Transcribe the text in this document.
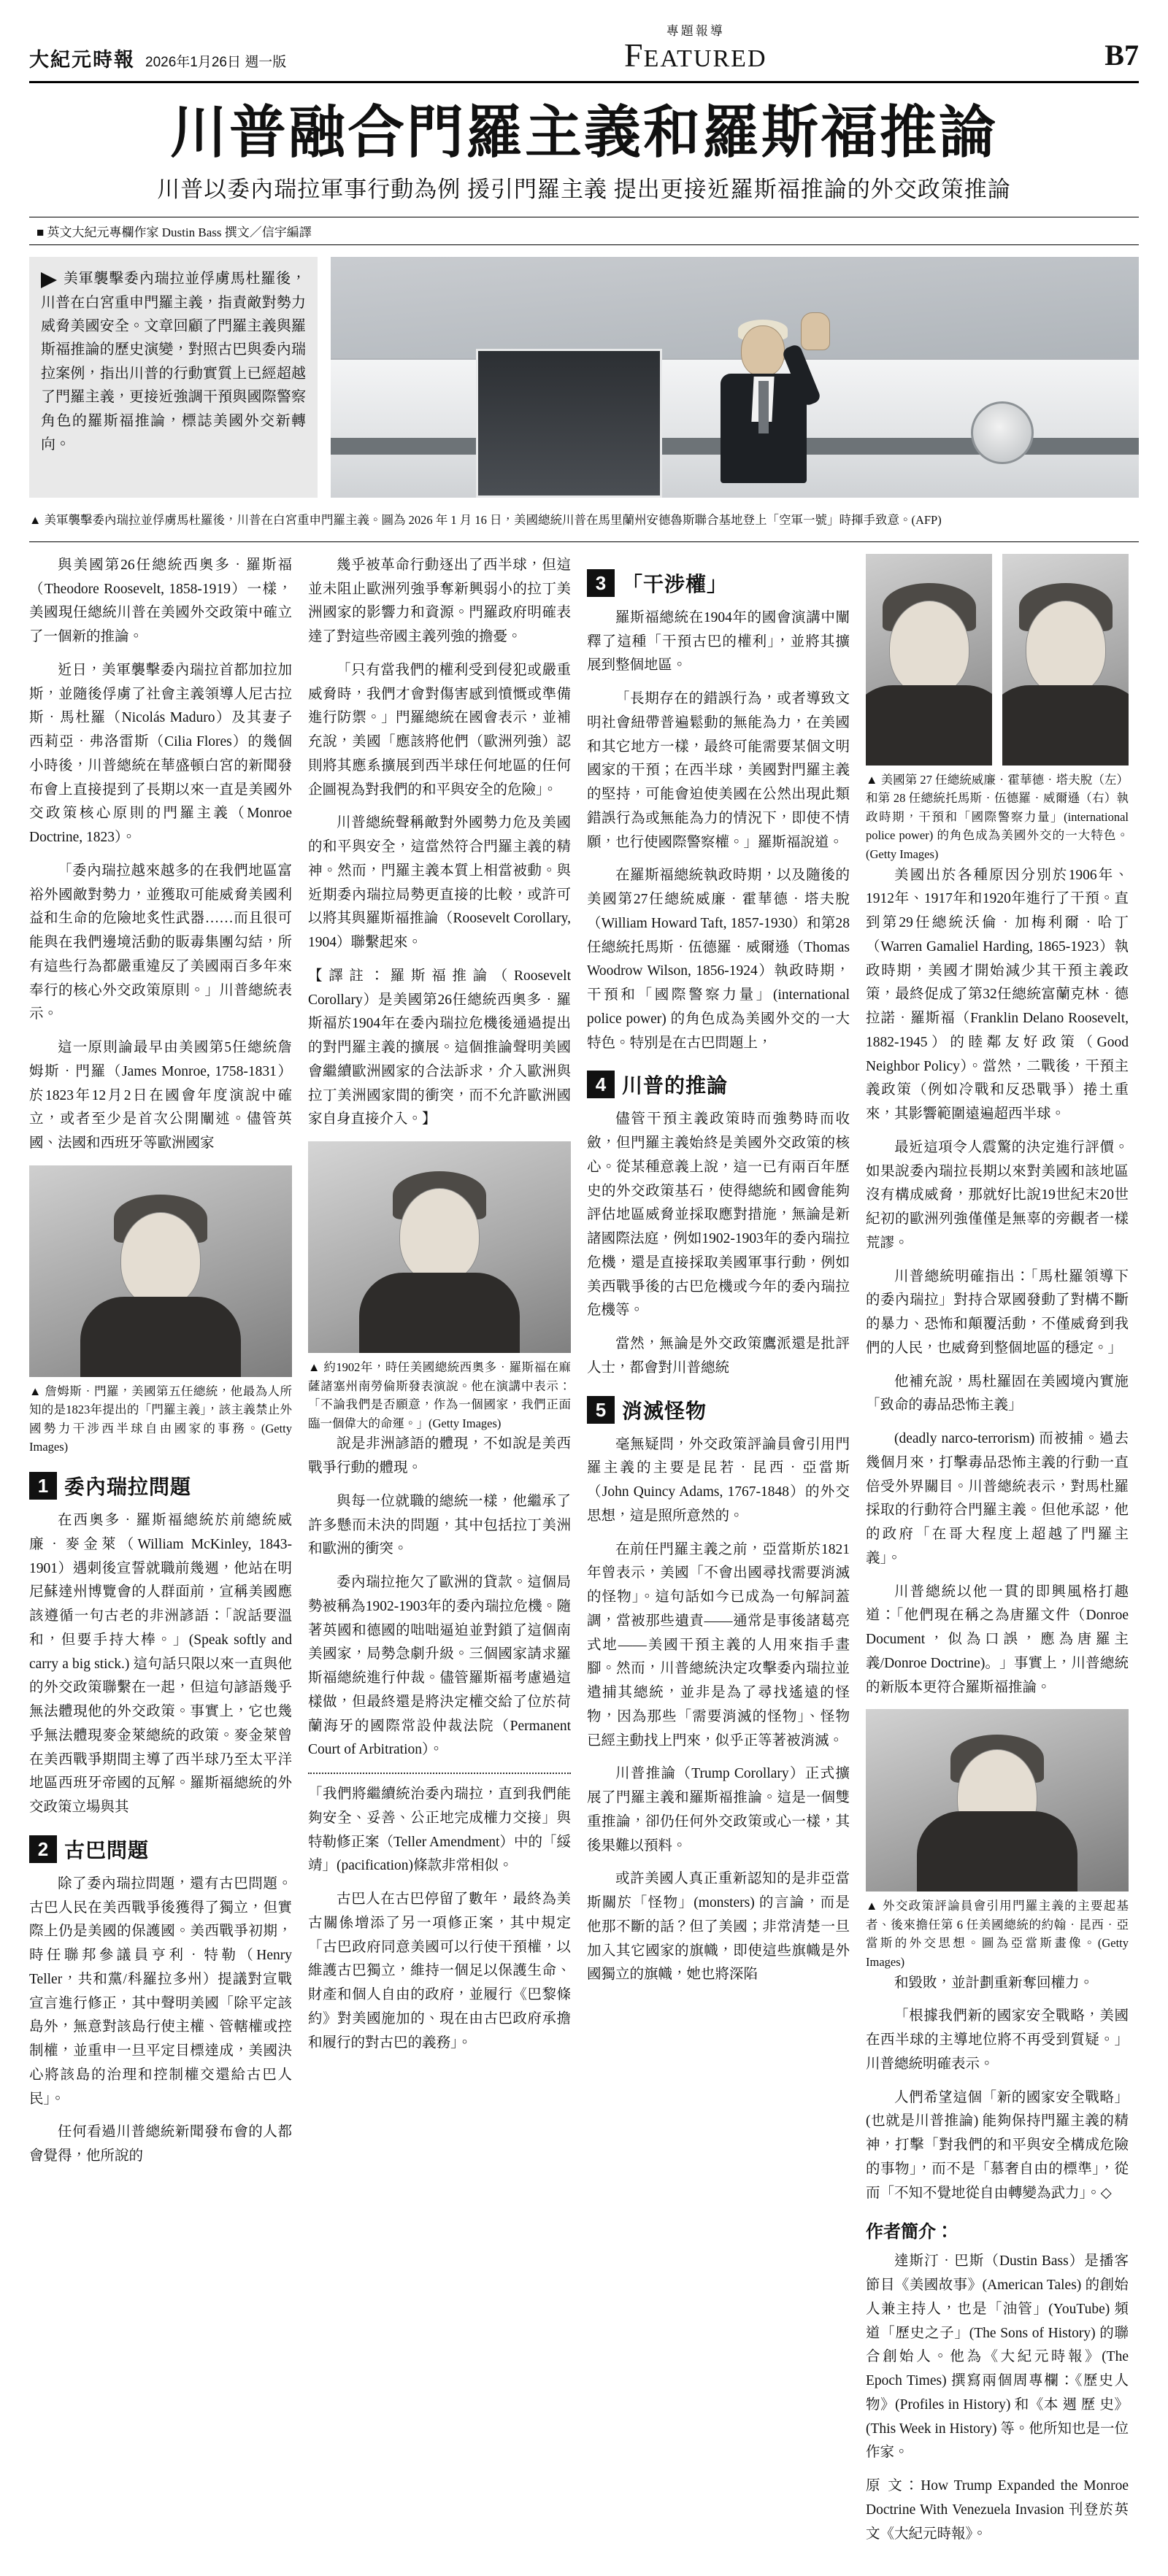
大紀元時報 2026年1月26日 週一版
專題報導
F EATURED	B7
川普融合門羅主義和羅斯福推論
川普以委內瑞拉軍事行動為例 援引門羅主義 提出更接近羅斯福推論的外交政策推論
■ 英文大紀元專欄作家 Dustin Bass 撰文／信宇編譯
美軍襲擊委內瑞拉並俘虜馬杜羅後，川普在白宮重申門羅主義，指責敵對勢力威脅美國安全。文章回顧了門羅主義與羅斯福推論的歷史演變，對照古巴與委內瑞拉案例，指出川普的行動實質上已經超越了門羅主義，更接近強調干預與國際警察角色的羅斯福推論，標誌美國外交新轉向。
▲ 美軍襲擊委內瑞拉並俘虜馬杜羅後，川普在白宮重申門羅主義。圖為 2026 年 1 月 16 日，美國總統川普在馬里蘭州安德魯斯聯合基地登上「空軍一號」時揮手致意。(AFP)

與美國第26任總統西奧多‧羅斯福（Theodore Roosevelt, 1858-1919）一樣，美國現任總統川普在美國外交政策中確立了一個新的推論。

近日，美軍襲擊委內瑞拉首都加拉加斯，並隨後俘虜了社會主義領導人尼古拉斯‧馬杜羅（Nicolás Maduro）及其妻子西莉亞‧弗洛雷斯（Cilia Flores）的幾個小時後，川普總統在華盛頓白宮的新聞發布會上直接提到了長期以來一直是美國外交政策核心原則的門羅主義（Monroe Doctrine, 1823）。

「委內瑞拉越來越多的在我們地區富裕外國敵對勢力，並獲取可能威脅美國利益和生命的危險地炙性武器……而且很可能與在我們邊境活動的販毒集團勾結，所有這些行為都嚴重違反了美國兩百多年來奉行的核心外交政策原則。」川普總統表示。

這一原則論最早由美國第5任總統詹姆斯‧門羅（James Monroe, 1758-1831）於1823年12月2日在國會年度演說中確立，或者至少是首次公開闡述。儘管英國、法國和西班牙等歐洲國家

▲ 詹姆斯‧門羅，美國第五任總統，他最為人所知的是1823年提出的「門羅主義」，該主義禁止外國勢力干涉西半球自由國家的事務。(Getty Images)
1 委內瑞拉問題

在西奧多‧羅斯福總統於前總統威廉‧麥金萊（William McKinley, 1843-1901）遇刺後宣誓就職前幾週，他站在明尼蘇達州博覽會的人群面前，宣稱美國應該遵循一句古老的非洲諺語：「說話要溫和，但要手持大棒。」(Speak softly and carry a big stick.) 這句話只限以來一直與他的外交政策聯繫在一起，但這句諺語幾乎無法體現他的外交政策。事實上，它也幾乎無法體現麥金萊總統的政策。麥金萊曾在美西戰爭期間主導了西半球乃至太平洋地區西班牙帝國的瓦解。羅斯福總統的外交政策立場與其

2 古巴問題

除了委內瑞拉問題，還有古巴問題。古巴人民在美西戰爭後獲得了獨立，但實際上仍是美國的保護國。美西戰爭初期，時任聯邦參議員亨利‧特勒（Henry Teller，共和黨/科羅拉多州）提議對宣戰宣言進行修正，其中聲明美國「除平定該島外，無意對該島行使主權、管轄權或控制權，並重申一旦平定目標達成，美國決心將該島的治理和控制權交還給古巴人民」。

任何看過川普總統新聞發布會的人都會覺得，他所說的

幾乎被革命行動逐出了西半球，但這並未阻止歐洲列強爭奪新興弱小的拉丁美洲國家的影響力和資源。門羅政府明確表達了對這些帝國主義列強的擔憂。

「只有當我們的權利受到侵犯或嚴重威脅時，我們才會對傷害感到憤慨或準備進行防禦。」門羅總統在國會表示，並補充說，美國「應該將他們（歐洲列強）認則將其應系擴展到西半球任何地區的任何企圖視為對我們的和平與安全的危險」。

川普總統聲稱敵對外國勢力危及美國的和平與安全，這當然符合門羅主義的精神。然而，門羅主義本質上相當被動。與近期委內瑞拉局勢更直接的比較，或許可以將其與羅斯福推論（Roosevelt Corollary, 1904）聯繫起來。

【譯註：羅斯福推論（Roosevelt Corollary）是美國第26任總統西奧多‧羅斯福於1904年在委內瑞拉危機後通過提出的對門羅主義的擴展。這個推論聲明美國會繼續歐洲國家的合法訴求，介入歐洲與拉丁美洲國家間的衝突，而不允許歐洲國家自身直接介入。】

▲ 約1902年，時任美國總統西奧多‧羅斯福在麻薩諸塞州南勞倫斯發表演說。他在演講中表示：「不論我們是否願意，作為一個國家，我們正面臨一個偉大的命運。」(Getty Images)

說是非洲諺語的體現，不如說是美西戰爭行動的體現。

與每一位就職的總統一樣，他繼承了許多懸而未決的問題，其中包括拉丁美洲和歐洲的衝突。

委內瑞拉拖欠了歐洲的貸款。這個局勢被稱為1902-1903年的委內瑞拉危機。隨著英國和德國的咄咄逼迫並對鎖了這個南美國家，局勢急劇升級。三個國家請求羅斯福總統進行仲裁。儘管羅斯福考慮過這樣做，但最終還是將決定權交給了位於荷蘭海牙的國際常設仲裁法院（Permanent Court of Arbitration）。

「我們將繼續統治委內瑞拉，直到我們能夠安全、妥善、公正地完成權力交接」與特勒修正案（Teller Amendment）中的「綏靖」(pacification)條款非常相似。

古巴人在古巴停留了數年，最終為美古關係增添了另一項修正案，其中規定「古巴政府同意美國可以行使干預權，以維護古巴獨立，維持一個足以保護生命、財產和個人自由的政府，並履行《巴黎條約》對美國施加的、現在由古巴政府承擔和履行的對古巴的義務」。

3 「干涉權」

羅斯福總統在1904年的國會演講中闡釋了這種「干預古巴的權利」，並將其擴展到整個地區。

「長期存在的錯誤行為，或者導致文明社會紐帶普遍鬆動的無能為力，在美國和其它地方一樣，最終可能需要某個文明國家的干預；在西半球，美國對門羅主義的堅持，可能會迫使美國在公然出現此類錯誤行為或無能為力的情況下，即使不情願，也行使國際警察權。」羅斯福說道。

在羅斯福總統執政時期，以及隨後的美國第27任總統威廉‧霍華德‧塔夫脫（William Howard Taft, 1857-1930）和第28任總統托馬斯‧伍德羅‧威爾遜（Thomas Woodrow Wilson, 1856-1924）執政時期，干預和「國際警察力量」(international police power) 的角色成為美國外交的一大特色。特別是在古巴問題上，

4 川普的推論

儘管干預主義政策時而強勢時而收斂，但門羅主義始終是美國外交政策的核心。從某種意義上說，這一已有兩百年歷史的外交政策基石，使得總統和國會能夠評估地區威脅並採取應對措施，無論是新諸國際法庭，例如1902-1903年的委內瑞拉危機，還是直接採取美國軍事行動，例如美西戰爭後的古巴危機或今年的委內瑞拉危機等。

當然，無論是外交政策鷹派還是批評人士，都會對川普總統

5 消滅怪物

毫無疑問，外交政策評論員會引用門羅主義的主要是昆若‧昆西‧亞當斯（John Quincy Adams, 1767-1848）的外交思想，這是照所意然的。

在前任門羅主義之前，亞當斯於1821年曾表示，美國「不會出國尋找需要消滅的怪物」。這句話如今已成為一句解詞蓋調，當被那些遺責——通常是事後諸葛亮式地——美國干預主義的人用來指手畫腳。然而，川普總統決定攻擊委內瑞拉並遣捕其總統，並非是為了尋找遙遠的怪物，因為那些「需要消滅的怪物」、怪物已經主動找上門來，似乎正等著被消滅。

川普推論（Trump Corollary）正式擴展了門羅主義和羅斯福推論。這是一個雙重推論，卻仍任何外交政策或心一樣，其後果難以預料。

或許美國人真正重新認知的是非亞當斯關於「怪物」(monsters) 的言論，而是他那不斷的話？但了美國；非常清楚一旦加入其它國家的旗幟，即使這些旗幟是外國獨立的旗幟，她也將深陷

▲ 美國第 27 任總統威廉‧霍華德‧塔夫脫（左）和第 28 任總統托馬斯‧伍德羅‧威爾遜（右）執政時期，干預和「國際警察力量」(international police power) 的角色成為美國外交的一大特色。(Getty Images)

美國出於各種原因分別於1906年、1912年、1917年和1920年進行了干預。直到第29任總統沃倫‧加梅利爾‧哈丁（Warren Gamaliel Harding, 1865-1923）執政時期，美國才開始減少其干預主義政策，最終促成了第32任總統富蘭克林‧德拉諾‧羅斯福（Franklin Delano Roosevelt, 1882-1945）的睦鄰友好政策（Good Neighbor Policy）。當然，二戰後，干預主義政策（例如冷戰和反恐戰爭）捲土重來，其影響範圍遠遍超西半球。

最近這項令人震驚的決定進行評價。如果說委內瑞拉長期以來對美國和該地區沒有構成威脅，那就好比說19世紀末20世紀初的歐洲列強僅僅是無辜的旁觀者一樣荒謬。

川普總統明確指出：「馬杜羅領導下的委內瑞拉」對持合眾國發動了對構不斷的暴力、恐怖和顛覆活動，不僅威脅到我們的人民，也威脅到整個地區的穩定。」

他補充說，馬杜羅固在美國境內實施「致命的毒品恐怖主義」

(deadly narco-terrorism) 而被捕。過去幾個月來，打擊毒品恐怖主義的行動一直倍受外界關目。川普總統表示，對馬杜羅採取的行動符合門羅主義。但他承認，他的政府「在哥大程度上超越了門羅主義」。

川普總統以他一貫的即興風格打趣道：「他們現在稱之為唐羅文件（Donroe Document，似為口誤，應為唐羅主義/Donroe Doctrine)。」事實上，川普總統的新版本更符合羅斯福推論。

▲ 外交政策評論員會引用門羅主義的主要起基者、後來擔任第 6 任美國總統的約翰‧昆西‧亞當斯的外交思想。圖為亞當斯畫像。(Getty Images)

和毀敗，並計劃重新奪回權力。

「根據我們新的國家安全戰略，美國在西半球的主導地位將不再受到質疑。」川普總統明確表示。

人們希望這個「新的國家安全戰略」(也就是川普推論) 能夠保持門羅主義的精神，打擊「對我們的和平與安全構成危險的事物」，而不是「慕奢自由的標準」，從而「不知不覺地從自由轉變為武力」。◇

作者簡介：

達斯汀‧巴斯（Dustin Bass）是播客節目《美國故事》(American Tales) 的創始人兼主持人，也是「油管」(YouTube) 頻道「歷史之子」(The Sons of History) 的聯合創始人。他為《大紀元時報》(The Epoch Times) 撰寫兩個周專欄：《歷史人物》(Profiles in History) 和《本 週 歷 史》(This Week in History) 等。他所知也是一位作家。

原 文：How Trump Expanded the Monroe Doctrine With Venezuela Invasion 刊登於英文《大紀元時報》。
